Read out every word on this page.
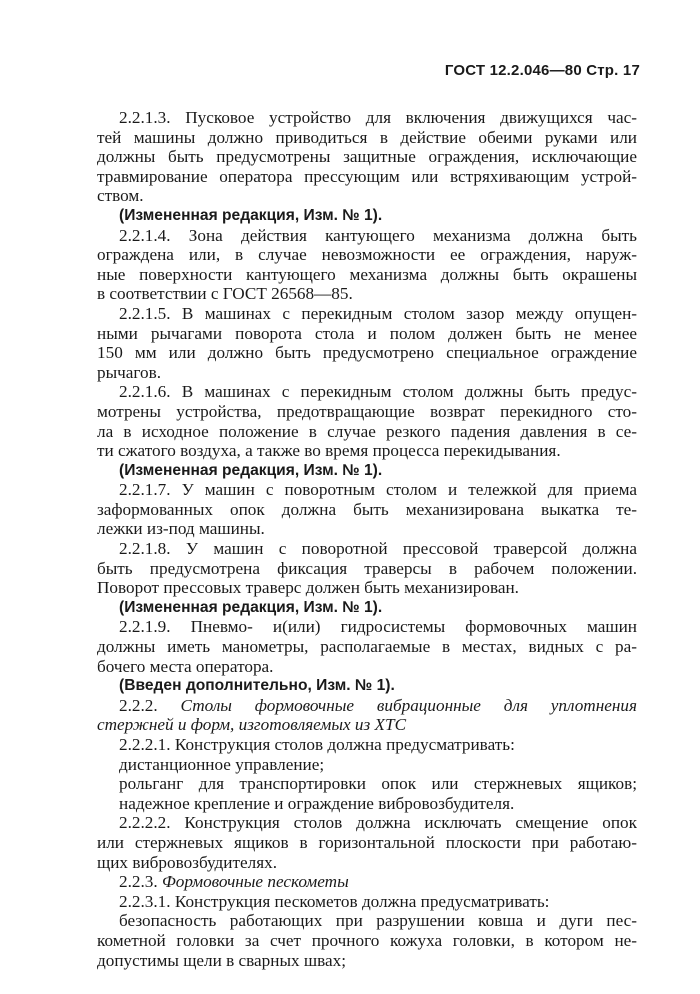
ГОСТ 12.2.046—80 Стр. 17

2.2.1.3. Пусковое устройство для включения движущихся час-
тей машины должно приводиться в действие обеими руками или
должны быть предусмотрены защитные ограждения, исключающие
травмирование оператора прессующим или встряхивающим устрой-
ством.

(Измененная редакция, Изм. № 1).

2.2.1.4. Зона действия кантующего механизма должна быть
ограждена или, в случае невозможности ее ограждения, наруж-
ные поверхности кантующего механизма должны быть окрашены
в соответствии с ГОСТ 26568—85.

2.2.1.5. В машинах с перекидным столом зазор между опущен-
ными рычагами поворота стола и полом должен быть не менее
150 мм или должно быть предусмотрено специальное ограждение
рычагов.

2.2.1.6. В машинах с перекидным столом должны быть предус-
мотрены устройства, предотвращающие возврат перекидного сто-
ла в исходное положение в случае резкого падения давления в се-
ти сжатого воздуха, а также во время процесса перекидывания.

(Измененная редакция, Изм. № 1).

2.2.1.7. У машин с поворотным столом и тележкой для приема
заформованных опок должна быть механизирована выкатка те-
лежки из-под машины.

2.2.1.8. У машин с поворотной прессовой траверсой должна
быть предусмотрена фиксация траверсы в рабочем положении.
Поворот прессовых траверс должен быть механизирован.

(Измененная редакция, Изм. № 1).

2.2.1.9. Пневмо- и(или) гидросистемы формовочных машин
должны иметь манометры, располагаемые в местах, видных с ра-
бочего места оператора.

(Введен дополнительно, Изм. № 1).

2.2.2. Столы формовочные вибрационные для уплотнения
стержней и форм, изготовляемых из ХТС

2.2.2.1. Конструкция столов должна предусматривать:
дистанционное управление;
рольганг для транспортировки опок или стержневых ящиков;
надежное крепление и ограждение вибровозбудителя.

2.2.2.2. Конструкция столов должна исключать смещение опок
или стержневых ящиков в горизонтальной плоскости при работаю-
щих вибровозбудителях.

2.2.3. Формовочные пескометы

2.2.3.1. Конструкция пескометов должна предусматривать:
безопасность работающих при разрушении ковша и дуги пес-
кометной головки за счет прочного кожуха головки, в котором не-
допустимы щели в сварных швах;
